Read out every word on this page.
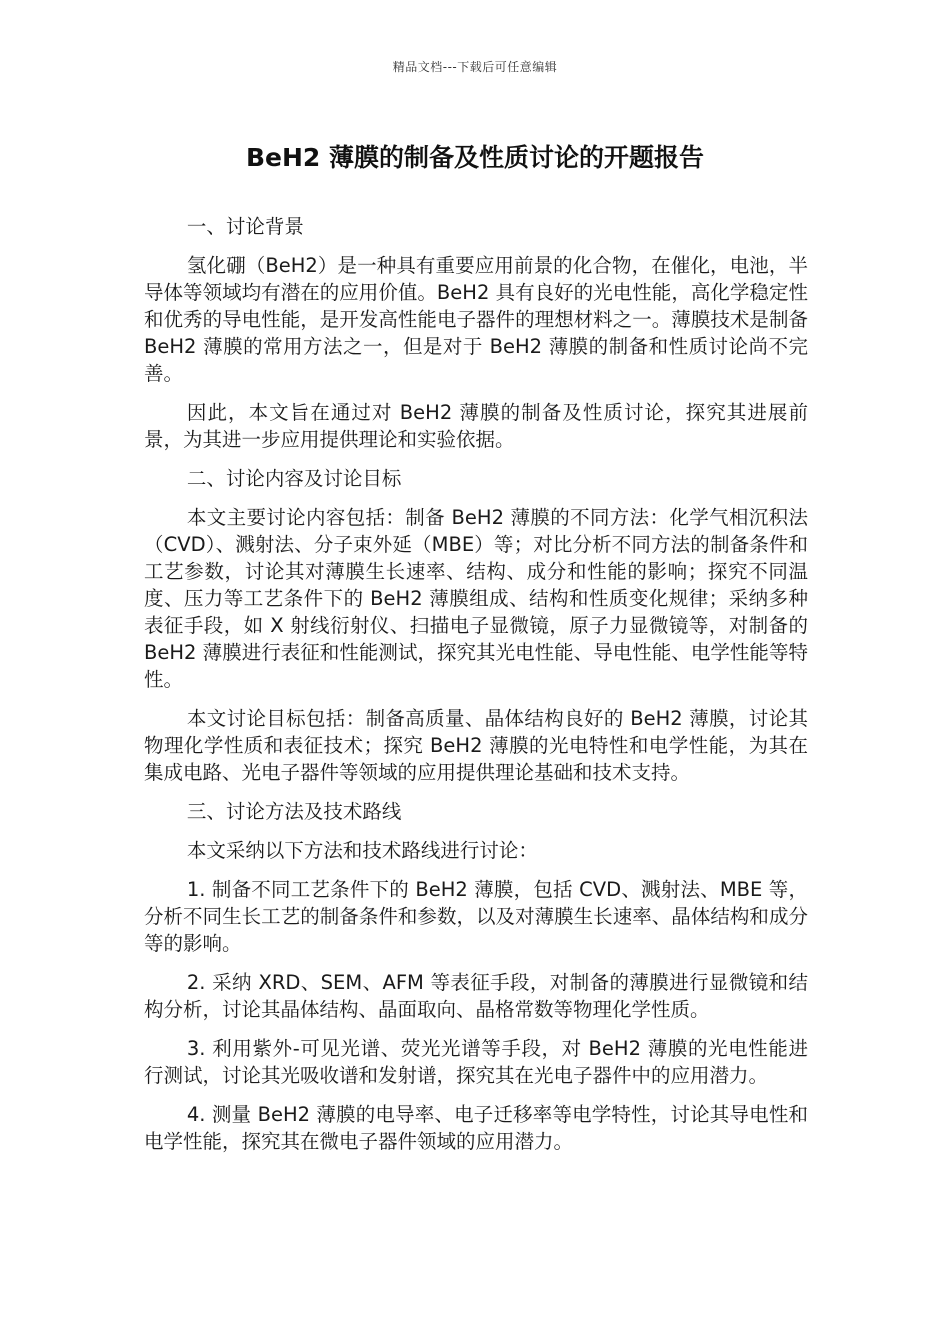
精品文档---下载后可任意编辑
BeH2 薄膜的制备及性质讨论的开题报告

一、讨论背景

氢化硼（BeH2）是一种具有重要应用前景的化合物，在催化，电池，半导体等领域均有潜在的应用价值。BeH2 具有良好的光电性能，高化学稳定性和优秀的导电性能，是开发高性能电子器件的理想材料之一。薄膜技术是制备 BeH2 薄膜的常用方法之一，但是对于 BeH2 薄膜的制备和性质讨论尚不完善。

因此，本文旨在通过对 BeH2 薄膜的制备及性质讨论，探究其进展前景，为其进一步应用提供理论和实验依据。

二、讨论内容及讨论目标

本文主要讨论内容包括：制备 BeH2 薄膜的不同方法：化学气相沉积法（CVD）、溅射法、分子束外延（MBE）等；对比分析不同方法的制备条件和工艺参数，讨论其对薄膜生长速率、结构、成分和性能的影响；探究不同温度、压力等工艺条件下的 BeH2 薄膜组成、结构和性质变化规律；采纳多种表征手段，如 X 射线衍射仪、扫描电子显微镜，原子力显微镜等，对制备的 BeH2 薄膜进行表征和性能测试，探究其光电性能、导电性能、电学性能等特性。

本文讨论目标包括：制备高质量、晶体结构良好的 BeH2 薄膜，讨论其物理化学性质和表征技术；探究 BeH2 薄膜的光电特性和电学性能，为其在集成电路、光电子器件等领域的应用提供理论基础和技术支持。

三、讨论方法及技术路线

本文采纳以下方法和技术路线进行讨论：

1. 制备不同工艺条件下的 BeH2 薄膜，包括 CVD、溅射法、MBE 等，分析不同生长工艺的制备条件和参数，以及对薄膜生长速率、晶体结构和成分等的影响。

2. 采纳 XRD、SEM、AFM 等表征手段，对制备的薄膜进行显微镜和结构分析，讨论其晶体结构、晶面取向、晶格常数等物理化学性质。

3. 利用紫外-可见光谱、荧光光谱等手段，对 BeH2 薄膜的光电性能进行测试，讨论其光吸收谱和发射谱，探究其在光电子器件中的应用潜力。

4. 测量 BeH2 薄膜的电导率、电子迁移率等电学特性，讨论其导电性和电学性能，探究其在微电子器件领域的应用潜力。
